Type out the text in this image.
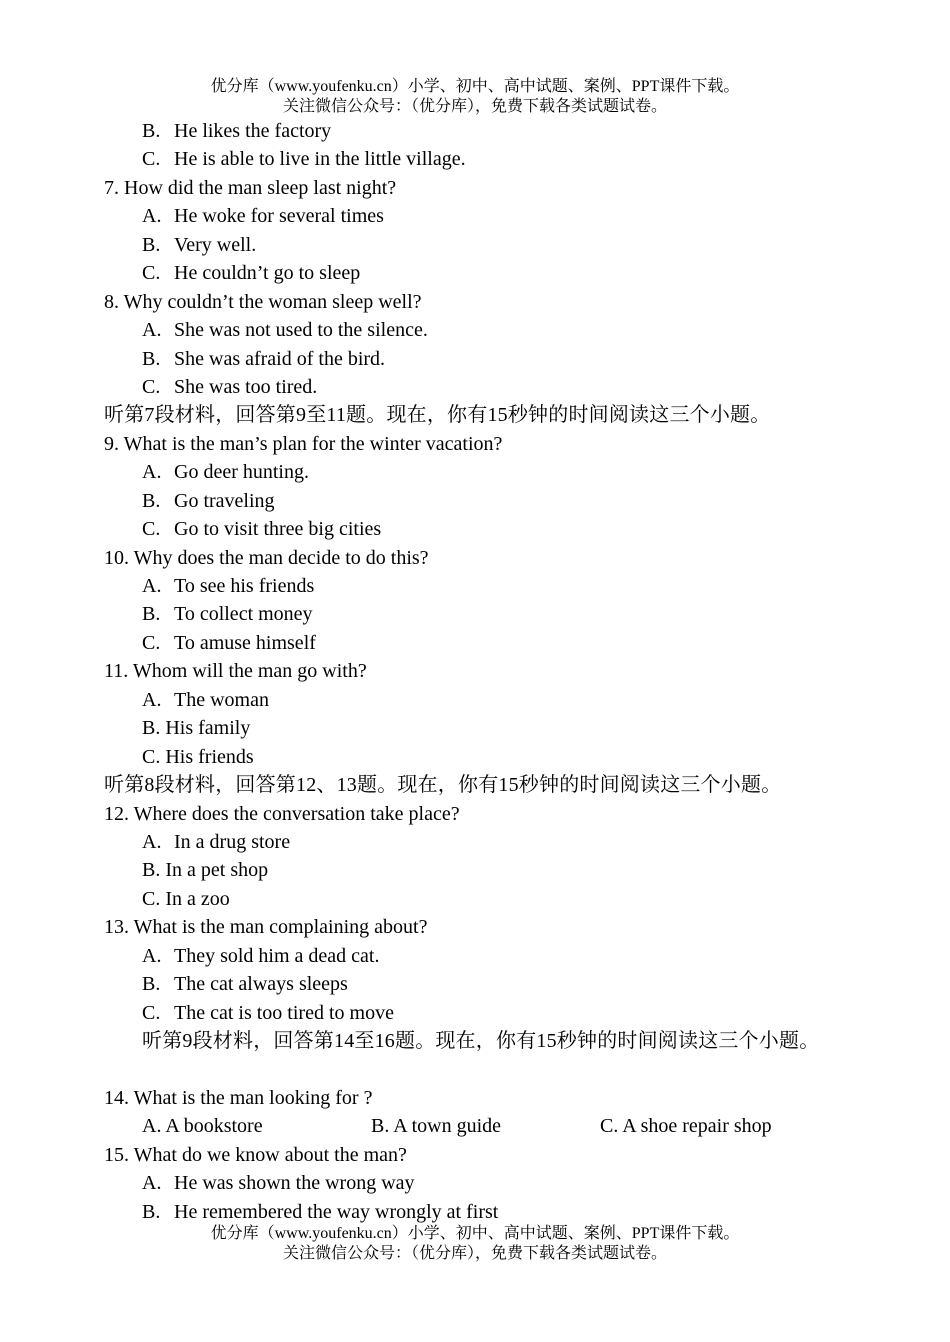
优分库（www.youfenku.cn）小学、初中、高中试题、案例、PPT课件下载。
关注微信公众号：（优分库），免费下载各类试题试卷。
B. He likes the factory
C. He is able to live in the little village.
7. How did the man sleep last night?
A. He woke for several times
B. Very well.
C. He couldn’t go to sleep
8. Why couldn’t the woman sleep well?
A. She was not used to the silence.
B. She was afraid of the bird.
C. She was too tired.
听第7段材料，回答第9至11题。现在，你有15秒钟的时间阅读这三个小题。
9. What is the man’s plan for the winter vacation?
A. Go deer hunting.
B. Go traveling
C. Go to visit three big cities
10. Why does the man decide to do this?
A. To see his friends
B. To collect money
C. To amuse himself
11. Whom will the man go with?
A. The woman
B. His family
C. His friends
听第8段材料，回答第12、13题。现在，你有15秒钟的时间阅读这三个小题。
12. Where does the conversation take place?
A. In a drug store
B. In a pet shop
C. In a zoo
13. What is the man complaining about?
A. They sold him a dead cat.
B. The cat always sleeps
C. The cat is too tired to move
听第9段材料，回答第14至16题。现在，你有15秒钟的时间阅读这三个小题。
14. What is the man looking for ?
A. A bookstore	B. A town guide	C. A shoe repair shop
15. What do we know about the man?
A. He was shown the wrong way
B. He remembered the way wrongly at first
优分库（www.youfenku.cn）小学、初中、高中试题、案例、PPT课件下载。
关注微信公众号：（优分库），免费下载各类试题试卷。
